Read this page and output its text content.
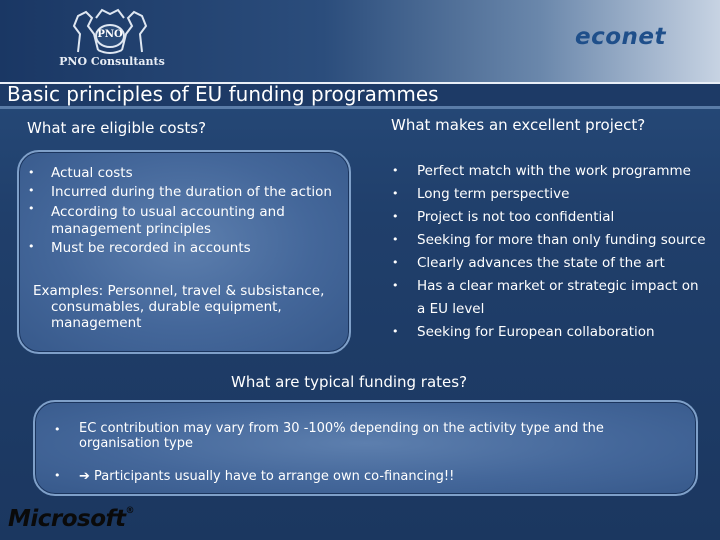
PNO
PNO Consultants
econet
Basic principles of EU funding programmes
What are eligible costs?
•
•
•
•
Actual costs
Incurred during the duration of the action
According to usual accounting and
management principles
Must be recorded in accounts
Examples: Personnel, travel & subsistance,
consumables, durable equipment,
management
What makes an excellent project?
•
•
•
•
•
•
•
Perfect match with the work programme
Long term perspective
Project is not too confidential
Seeking for more than only funding source
Clearly advances the state of the art
Has a clear market or strategic impact on
a EU level
Seeking for European collaboration
What are typical funding rates?
• EC contribution may vary from 30 -100% depending on the activity type and the
organisation type
• ➔ Participants usually have to arrange own co-financing!!
Microsoft®
